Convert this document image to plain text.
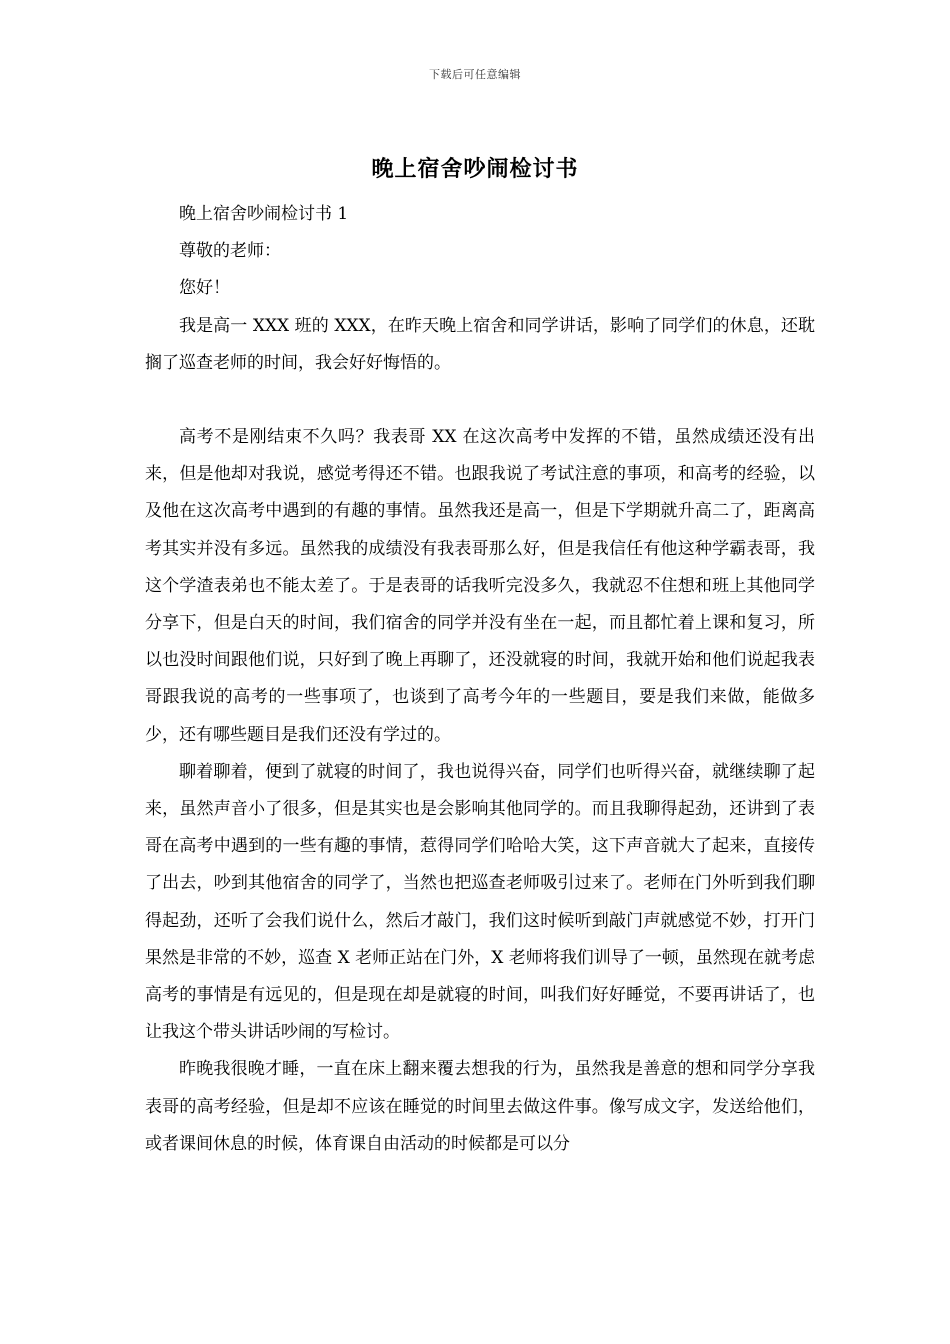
下载后可任意编辑
晚上宿舍吵闹检讨书

晚上宿舍吵闹检讨书 1

尊敬的老师：

您好！

我是高一 XXX 班的 XXX，在昨天晚上宿舍和同学讲话，影响了同学们的休息，还耽搁了巡查老师的时间，我会好好悔悟的。

高考不是刚结束不久吗？我表哥 XX 在这次高考中发挥的不错，虽然成绩还没有出来，但是他却对我说，感觉考得还不错。也跟我说了考试注意的事项，和高考的经验，以及他在这次高考中遇到的有趣的事情。虽然我还是高一，但是下学期就升高二了，距离高考其实并没有多远。虽然我的成绩没有我表哥那么好，但是我信任有他这种学霸表哥，我这个学渣表弟也不能太差了。于是表哥的话我听完没多久，我就忍不住想和班上其他同学分享下，但是白天的时间，我们宿舍的同学并没有坐在一起，而且都忙着上课和复习，所以也没时间跟他们说，只好到了晚上再聊了，还没就寝的时间，我就开始和他们说起我表哥跟我说的高考的一些事项了，也谈到了高考今年的一些题目，要是我们来做，能做多少，还有哪些题目是我们还没有学过的。

聊着聊着，便到了就寝的时间了，我也说得兴奋，同学们也听得兴奋，就继续聊了起来，虽然声音小了很多，但是其实也是会影响其他同学的。而且我聊得起劲，还讲到了表哥在高考中遇到的一些有趣的事情，惹得同学们哈哈大笑，这下声音就大了起来，直接传了出去，吵到其他宿舍的同学了，当然也把巡查老师吸引过来了。老师在门外听到我们聊得起劲，还听了会我们说什么，然后才敲门，我们这时候听到敲门声就感觉不妙，打开门果然是非常的不妙，巡查 X 老师正站在门外，X 老师将我们训导了一顿，虽然现在就考虑高考的事情是有远见的，但是现在却是就寝的时间，叫我们好好睡觉，不要再讲话了，也让我这个带头讲话吵闹的写检讨。

昨晚我很晚才睡，一直在床上翻来覆去想我的行为，虽然我是善意的想和同学分享我表哥的高考经验，但是却不应该在睡觉的时间里去做这件事。像写成文字，发送给他们，或者课间休息的时候，体育课自由活动的时候都是可以分
